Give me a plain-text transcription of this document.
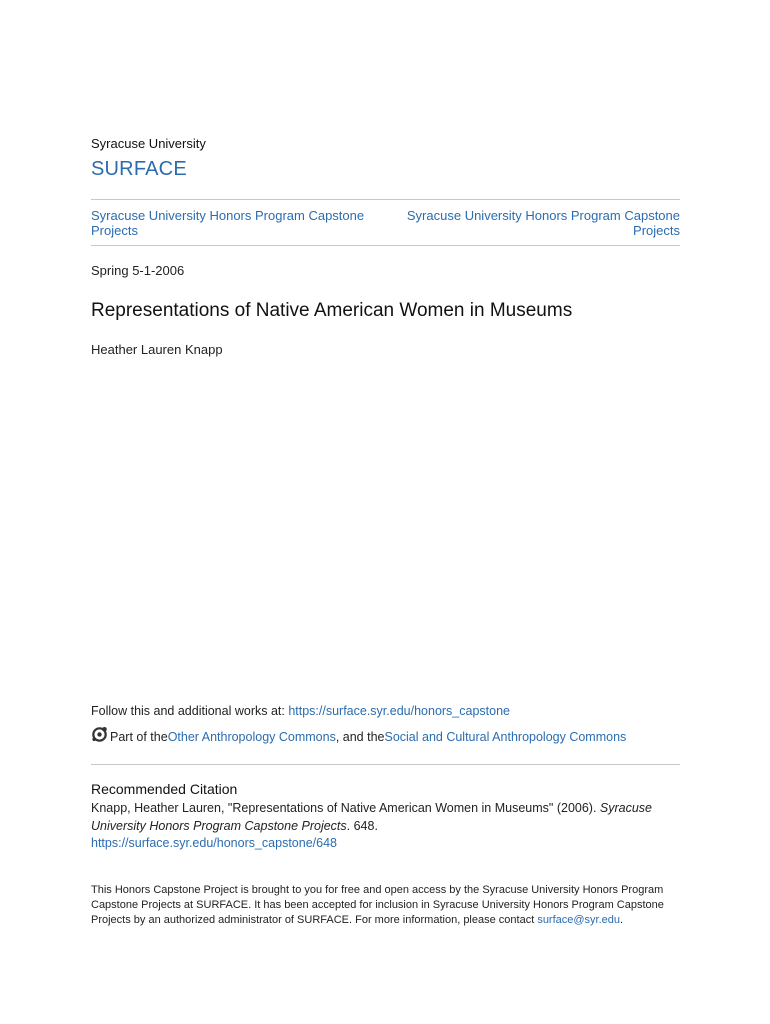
Syracuse University
SURFACE
Syracuse University Honors Program Capstone Projects
Syracuse University Honors Program Capstone Projects
Spring 5-1-2006
Representations of Native American Women in Museums
Heather Lauren Knapp
Follow this and additional works at: https://surface.syr.edu/honors_capstone
Part of the Other Anthropology Commons , and the Social and Cultural Anthropology Commons
Recommended Citation
Knapp, Heather Lauren, "Representations of Native American Women in Museums" (2006). Syracuse University Honors Program Capstone Projects. 648.
https://surface.syr.edu/honors_capstone/648
This Honors Capstone Project is brought to you for free and open access by the Syracuse University Honors Program Capstone Projects at SURFACE. It has been accepted for inclusion in Syracuse University Honors Program Capstone Projects by an authorized administrator of SURFACE. For more information, please contact surface@syr.edu.
